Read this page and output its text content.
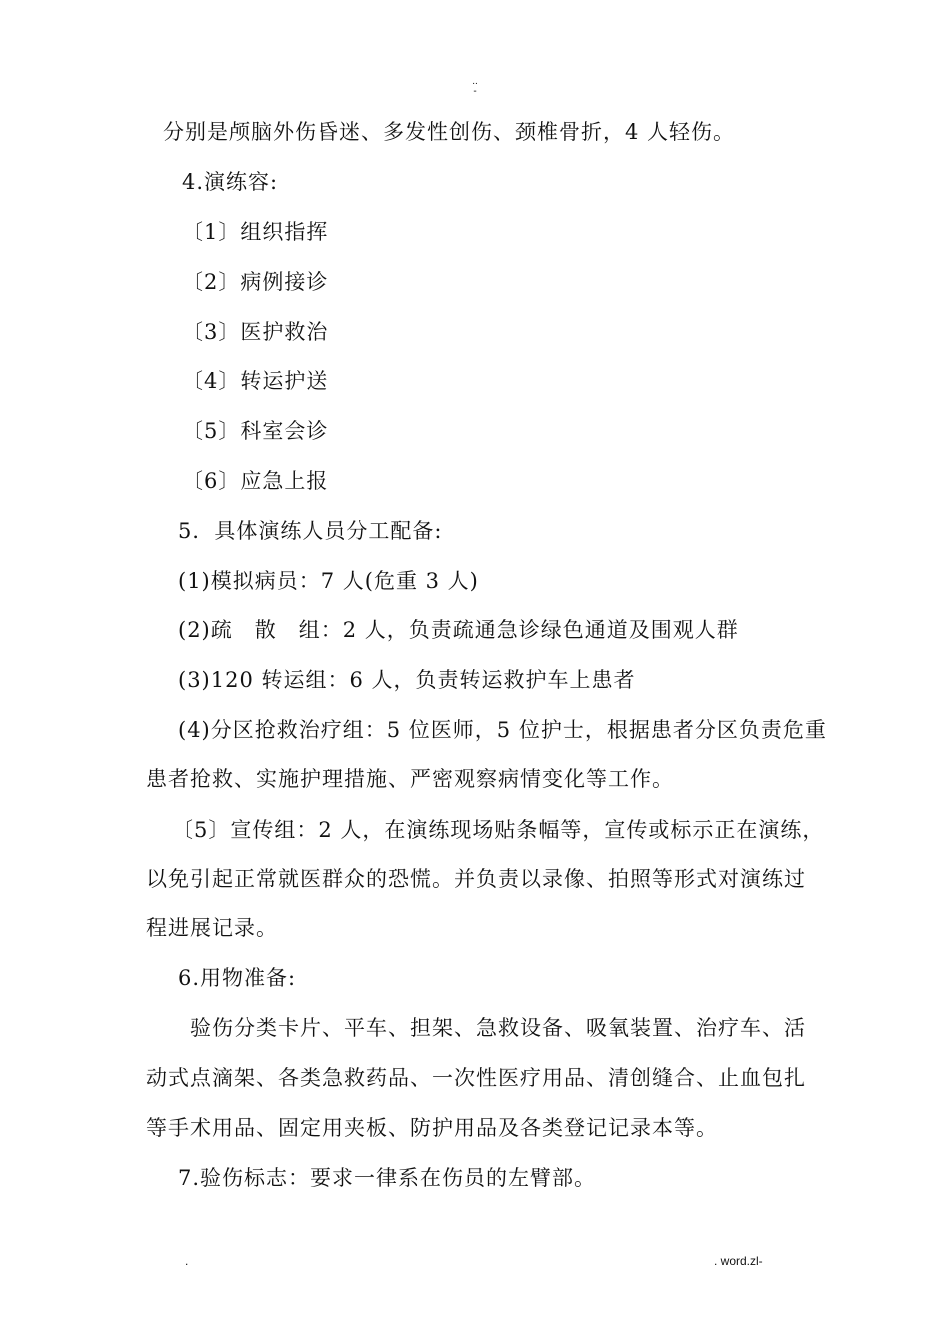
..
-
分别是颅脑外伤昏迷、多发性创伤、颈椎骨折，4 人轻伤。
4.演练容:
〔1〕组织指挥
〔2〕病例接诊
〔3〕医护救治
〔4〕转运护送
〔5〕科室会诊
〔6〕应急上报
5．具体演练人员分工配备:
(1)模拟病员：7 人(危重 3 人)
(2)疏　散　组：2 人，负责疏通急诊绿色通道及围观人群
(3)120 转运组：6 人，负责转运救护车上患者
(4)分区抢救治疗组：5 位医师，5 位护士，根据患者分区负责危重
患者抢救、实施护理措施、严密观察病情变化等工作。
〔5〕宣传组：2 人，在演练现场贴条幅等，宣传或标示正在演练，
以免引起正常就医群众的恐慌。并负责以录像、拍照等形式对演练过
程进展记录。
6.用物准备:
验伤分类卡片、平车、担架、急救设备、吸氧装置、治疗车、活
动式点滴架、各类急救药品、一次性医疗用品、清创缝合、止血包扎
等手术用品、固定用夹板、防护用品及各类登记记录本等。
7.验伤标志：要求一律系在伤员的左臂部。
.	. word.zl-
